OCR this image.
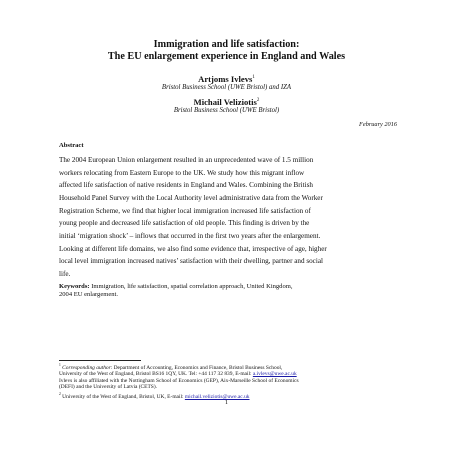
Immigration and life satisfaction:
The EU enlargement experience in England and Wales
Artjoms Ivlevs$^1$
Bristol Business School (UWE Bristol) and IZA
Michail Veliziotis$^2$
Bristol Business School (UWE Bristol)
February 2016
Abstract
The 2004 European Union enlargement resulted in an unprecedented wave of 1.5 million
workers relocating from Eastern Europe to the UK. We study how this migrant inflow
affected life satisfaction of native residents in England and Wales. Combining the British
Household Panel Survey with the Local Authority level administrative data from the Worker
Registration Scheme, we find that higher local immigration increased life satisfaction of
young people and decreased life satisfaction of old people. This finding is driven by the
initial ‘migration shock’ – inflows that occurred in the first two years after the enlargement.
Looking at different life domains, we also find some evidence that, irrespective of age, higher
local level immigration increased natives’ satisfaction with their dwelling, partner and social
life.
Keywords: Immigration, life satisfaction, spatial correlation approach, United Kingdom,
2004 EU enlargement.
$^1$ Corresponding author: Department of Accounting, Economics and Finance, Bristol Business School,
University of the West of England, Bristol BS16 1QY, UK. Tel: +44 117 32 839, E-mail: a.ivlevs@uwe.ac.uk
Ivlevs is also affiliated with the Nottingham School of Economics (GEP), Aix-Marseille School of Economics
(DEFI) and the University of Latvia (CETS).
$^2$ University of the West of England, Bristol, UK, E-mail: michail.veliziotis@uwe.ac.uk
1
